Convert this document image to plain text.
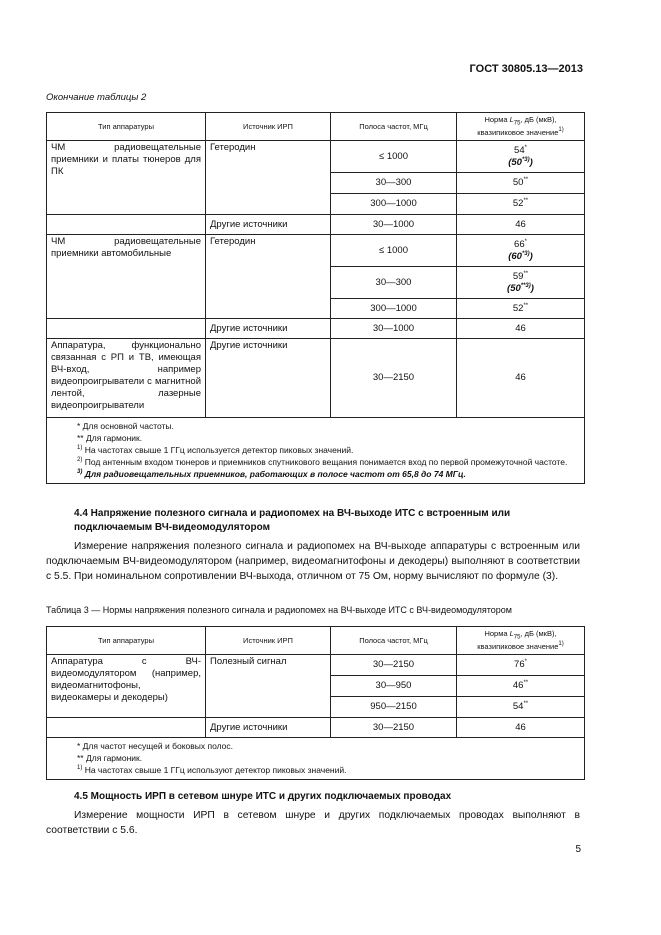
ГОСТ 30805.13—2013
Окончание таблицы 2
Тип аппаратуры	Источник ИРП	Полоса частот, МГц	Норма $L_{75}$, дБ (мкВ),
квазипиковое значение$^{1)}$
ЧМ радиовещательные приемники и платы тюнеров для ПК	Гетеродин	≤ 1000	54*
(50$^{*3)}$)
		30—300	50**
		300—1000	52**
	Другие источники	30—1000	46
ЧМ радиовещательные приемники автомобильные	Гетеродин	≤ 1000	66*
(60$^{*3)}$)
		30—300	59**
(50$^{**3)}$)
		300—1000	52**
	Другие источники	30—1000	46
Аппаратура, функционально связанная с РП и ТВ, имеющая ВЧ-вход, например видеопроигрыватели с магнитной лентой, лазерные видеопроигрыватели	Другие источники	30—2150	46

* Для основной частоты.
** Для гармоник.
$^{1)}$ На частотах свыше 1 ГГц используется детектор пиковых значений.
$^{2)}$ Под антенным входом тюнеров и приемников спутникового вещания понимается вход по первой промежуточной частоте.
$^{3)}$ Для радиовещательных приемников, работающих в полосе частот от 65,8 до 74 МГц.			
4.4 Напряжение полезного сигнала и радиопомех на ВЧ-выходе ИТС с встроенным или подключаемым ВЧ-видеомодулятором
Измерение напряжения полезного сигнала и радиопомех на ВЧ-выходе аппаратуры с встроенным или подключаемым ВЧ-видеомодулятором (например, видеомагнитофоны и декодеры) выполняют в соответствии с 5.5. При номинальном сопротивлении ВЧ-выхода, отличном от 75 Ом, норму вычисляют по формуле (3).
Таблица 3 — Нормы напряжения полезного сигнала и радиопомех на ВЧ-выходе ИТС с ВЧ-видеомодулятором
Тип аппаратуры	Источник ИРП	Полоса частот, МГц	Норма $L_{75}$, дБ (мкВ),
квазипиковое значение$^{1)}$
Аппаратура с ВЧ-видеомодулятором (например, видеомагнитофоны, видеокамеры и декодеры)	Полезный сигнал	30—2150	76*
		30—950	46**
		950—2150	54**
	Другие источники	30—2150	46

* Для частот несущей и боковых полос.
** Для гармоник.
$^{1)}$ На частотах свыше 1 ГГц используют детектор пиковых значений.			
4.5 Мощность ИРП в сетевом шнуре ИТС и других подключаемых проводах
Измерение мощности ИРП в сетевом шнуре и других подключаемых проводах выполняют в соответствии с 5.6.
5
